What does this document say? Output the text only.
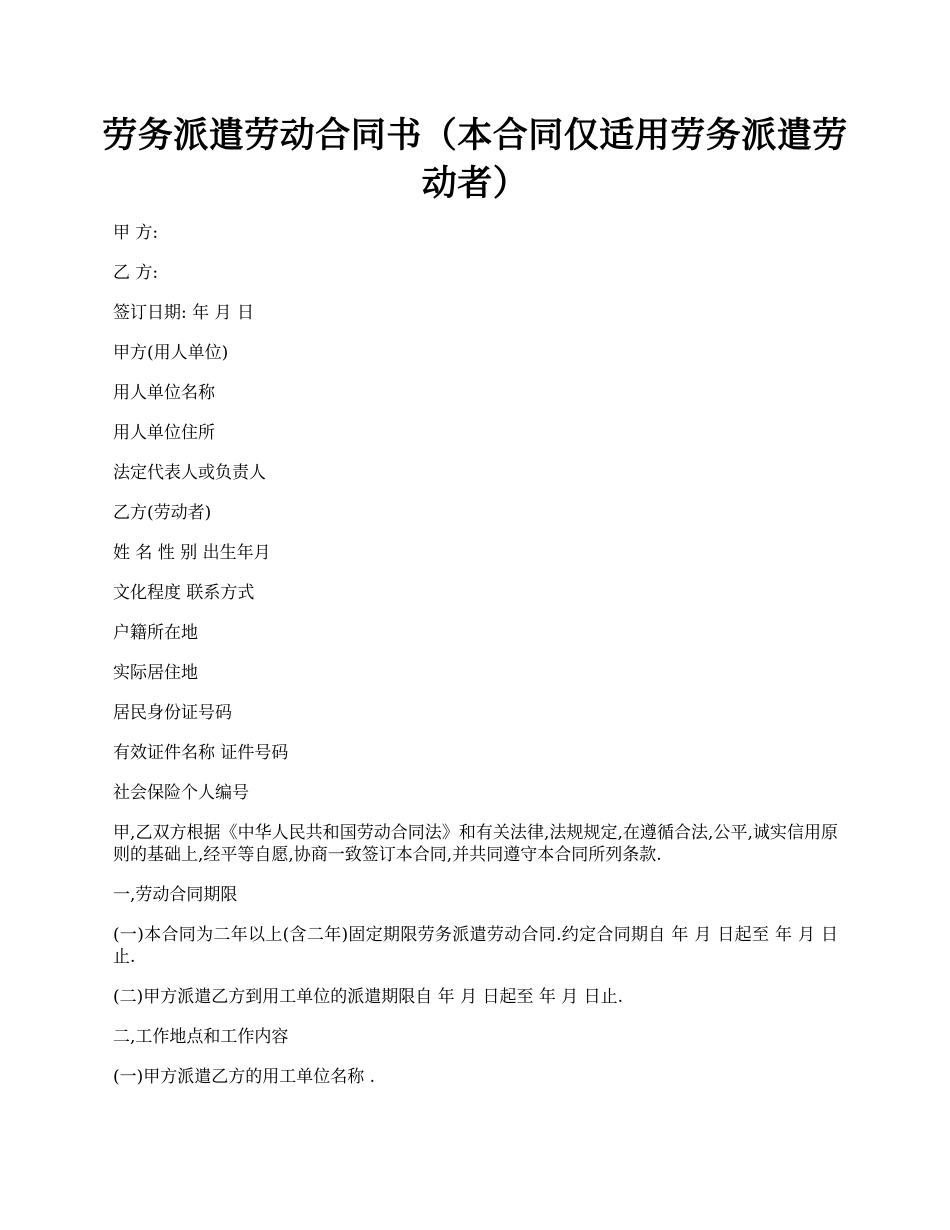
劳务派遣劳动合同书（本合同仅适用劳务派遣劳动者）

甲 方:

乙 方:

签订日期: 年 月 日

甲方(用人单位)

用人单位名称

用人单位住所

法定代表人或负责人

乙方(劳动者)

姓 名 性 别 出生年月

文化程度 联系方式

户籍所在地

实际居住地

居民身份证号码

有效证件名称 证件号码

社会保险个人编号

甲,乙双方根据《中华人民共和国劳动合同法》和有关法律,法规规定,在遵循合法,公平,诚实信用原则的基础上,经平等自愿,协商一致签订本合同,并共同遵守本合同所列条款.

一,劳动合同期限

(一)本合同为二年以上(含二年)固定期限劳务派遣劳动合同.约定合同期自 年 月 日起至 年 月 日止.

(二)甲方派遣乙方到用工单位的派遣期限自 年 月 日起至 年 月 日止.

二,工作地点和工作内容

(一)甲方派遣乙方的用工单位名称 .
